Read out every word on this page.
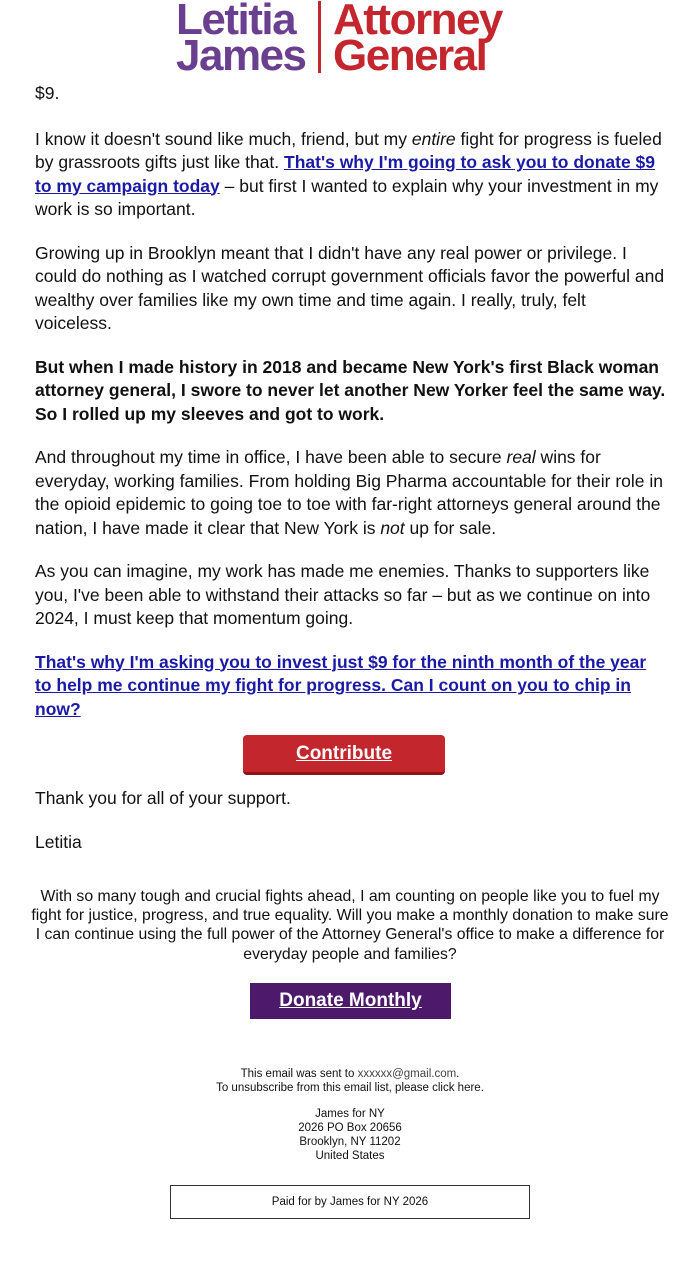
Letitia
James
Attorney
General

$9.

I know it doesn't sound like much, friend, but my entire fight for progress is fueled by grassroots gifts just like that. That's why I'm going to ask you to donate $9 to my campaign today – but first I wanted to explain why your investment in my work is so important.

Growing up in Brooklyn meant that I didn't have any real power or privilege. I could do nothing as I watched corrupt government officials favor the powerful and wealthy over families like my own time and time again. I really, truly, felt voiceless.

But when I made history in 2018 and became New York's first Black woman attorney general, I swore to never let another New Yorker feel the same way. So I rolled up my sleeves and got to work.

And throughout my time in office, I have been able to secure real wins for everyday, working families. From holding Big Pharma accountable for their role in the opioid epidemic to going toe to toe with far-right attorneys general around the nation, I have made it clear that New York is not up for sale.

As you can imagine, my work has made me enemies. Thanks to supporters like you, I've been able to withstand their attacks so far – but as we continue on into 2024, I must keep that momentum going.

That's why I'm asking you to invest just $9 for the ninth month of the year to help me continue my fight for progress. Can I count on you to chip in now?

Contribute

Thank you for all of your support.

Letitia

With so many tough and crucial fights ahead, I am counting on people like you to fuel my fight for justice, progress, and true equality. Will you make a monthly donation to make sure I can continue using the full power of the Attorney General's office to make a difference for everyday people and families?
Donate Monthly
This email was sent to xxxxxx@gmail.com.
To unsubscribe from this email list, please click here.
James for NY
2026 PO Box 20656
Brooklyn, NY 11202
United States
Paid for by James for NY 2026
